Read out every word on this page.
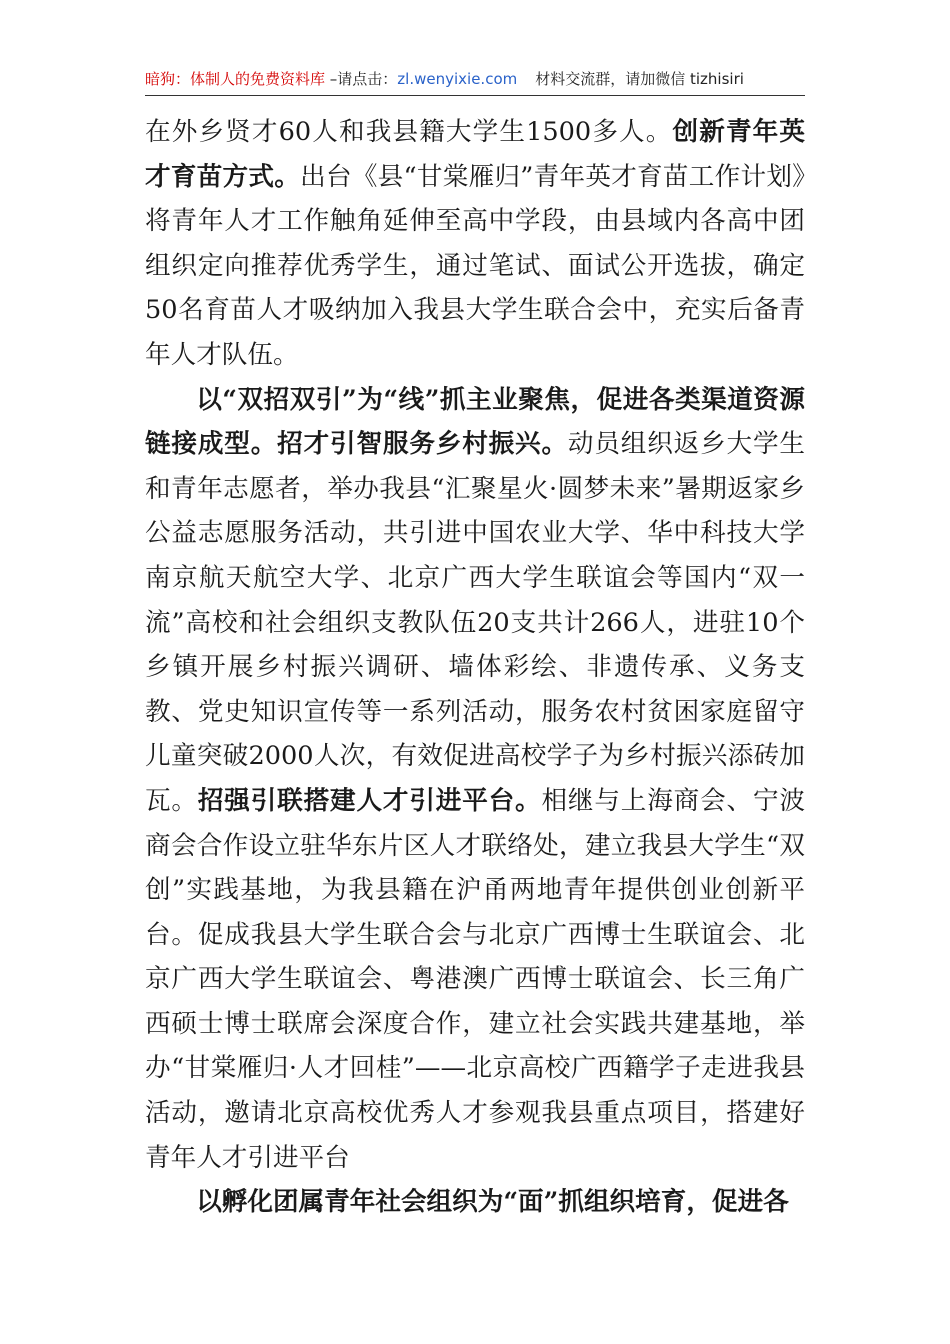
暗狗：体制人的免费资料库 –请点击：zl.wenyixie.com 材料交流群，请加微信 tizhisiri

在外乡贤才60人和我县籍大学生1500多人。创新青年英才育苗方式。出台《县“甘棠雁归”青年英才育苗工作计划》将青年人才工作触角延伸至高中学段，由县域内各高中团组织定向推荐优秀学生，通过笔试、面试公开选拔，确定50名育苗人才吸纳加入我县大学生联合会中，充实后备青年人才队伍。

以“双招双引”为“线”抓主业聚焦，促进各类渠道资源链接成型。招才引智服务乡村振兴。动员组织返乡大学生和青年志愿者，举办我县“汇聚星火·圆梦未来”暑期返家乡公益志愿服务活动，共引进中国农业大学、华中科技大学南京航天航空大学、北京广西大学生联谊会等国内“双一流”高校和社会组织支教队伍20支共计266人，进驻10个乡镇开展乡村振兴调研、墙体彩绘、非遗传承、义务支教、党史知识宣传等一系列活动，服务农村贫困家庭留守儿童突破2000人次，有效促进高校学子为乡村振兴添砖加瓦。招强引联搭建人才引进平台。相继与上海商会、宁波商会合作设立驻华东片区人才联络处，建立我县大学生“双创”实践基地，为我县籍在沪甬两地青年提供创业创新平台。促成我县大学生联合会与北京广西博士生联谊会、北京广西大学生联谊会、粤港澳广西博士联谊会、长三角广西硕士博士联席会深度合作，建立社会实践共建基地，举办“甘棠雁归·人才回桂”——北京高校广西籍学子走进我县活动，邀请北京高校优秀人才参观我县重点项目，搭建好青年人才引进平台

以孵化团属青年社会组织为“面”抓组织培育，促进各
